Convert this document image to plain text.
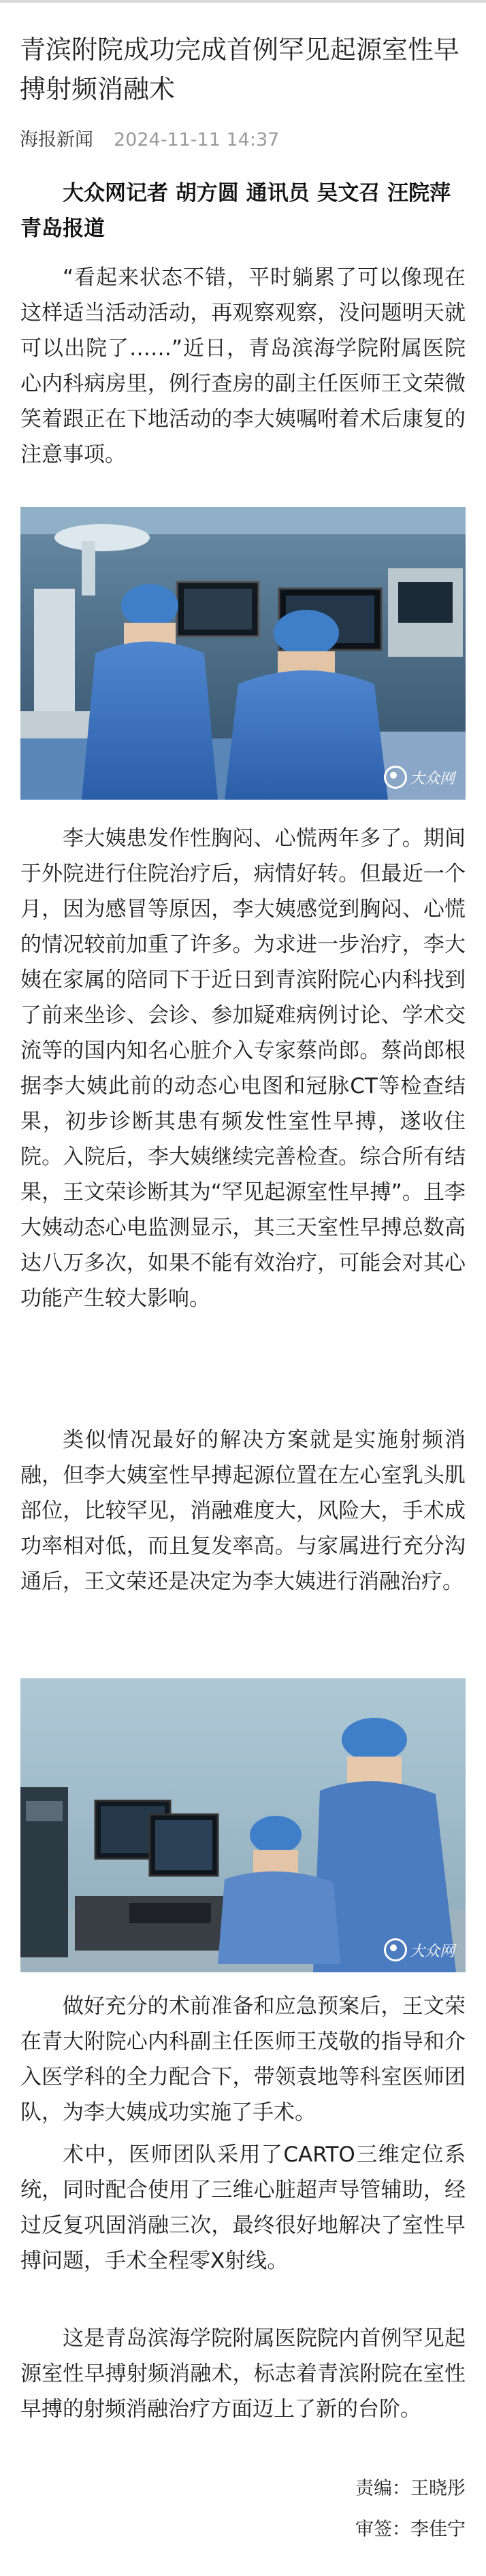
青滨附院成功完成首例罕见起源室性早搏射频消融术
海报新闻 2024-11-11 14:37

大众网记者 胡方圆 通讯员 吴文召 汪院萍
青岛报道

“看起来状态不错，平时躺累了可以像现在这样适当活动活动，再观察观察，没问题明天就可以出院了……”近日，青岛滨海学院附属医院心内科病房里，例行查房的副主任医师王文荣微笑着跟正在下地活动的李大姨嘱咐着术后康复的注意事项。

大众网

李大姨患发作性胸闷、心慌两年多了。期间于外院进行住院治疗后，病情好转。但最近一个月，因为感冒等原因，李大姨感觉到胸闷、心慌的情况较前加重了许多。为求进一步治疗，李大姨在家属的陪同下于近日到青滨附院心内科找到了前来坐诊、会诊、参加疑难病例讨论、学术交流等的国内知名心脏介入专家蔡尚郎。蔡尚郎根据李大姨此前的动态心电图和冠脉CT等检查结果，初步诊断其患有频发性室性早搏，遂收住院。入院后，李大姨继续完善检查。综合所有结果，王文荣诊断其为“罕见起源室性早搏”。且李大姨动态心电监测显示，其三天室性早搏总数高达八万多次，如果不能有效治疗，可能会对其心功能产生较大影响。

类似情况最好的解决方案就是实施射频消融，但李大姨室性早搏起源位置在左心室乳头肌部位，比较罕见，消融难度大，风险大，手术成功率相对低，而且复发率高。与家属进行充分沟通后，王文荣还是决定为李大姨进行消融治疗。

大众网

做好充分的术前准备和应急预案后，王文荣在青大附院心内科副主任医师王茂敬的指导和介入医学科的全力配合下，带领袁地等科室医师团队，为李大姨成功实施了手术。

术中，医师团队采用了CARTO三维定位系统，同时配合使用了三维心脏超声导管辅助，经过反复巩固消融三次，最终很好地解决了室性早搏问题，手术全程零X射线。

这是青岛滨海学院附属医院院内首例罕见起源室性早搏射频消融术，标志着青滨附院在室性早搏的射频消融治疗方面迈上了新的台阶。

责编：王晓彤
审签：李佳宁
